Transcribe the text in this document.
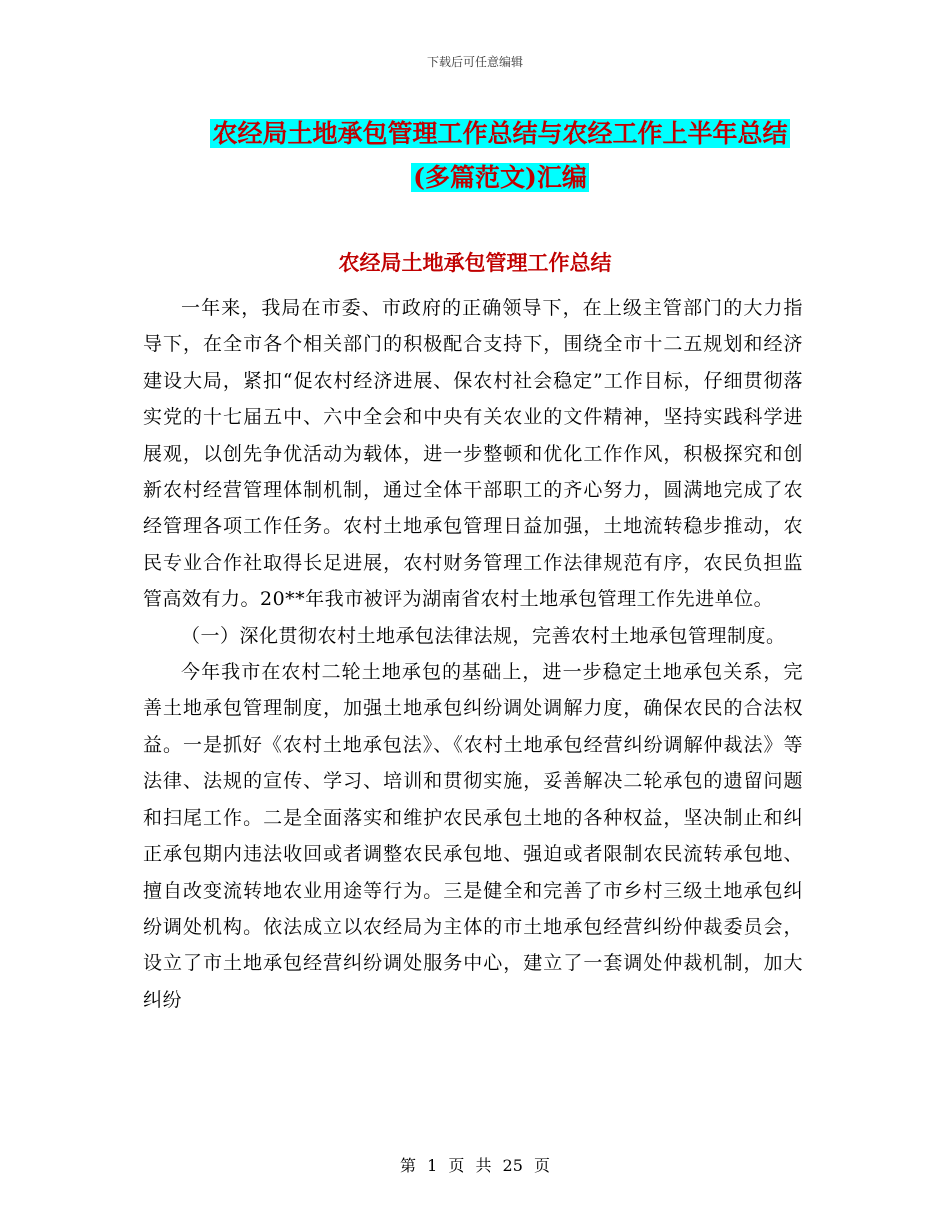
下载后可任意编辑
农经局土地承包管理工作总结与农经工作上半年总结
(多篇范文)汇编
农经局土地承包管理工作总结

一年来，我局在市委、市政府的正确领导下，在上级主管部门的大力指导下，在全市各个相关部门的积极配合支持下，围绕全市十二五规划和经济建设大局，紧扣“促农村经济进展、保农村社会稳定”工作目标，仔细贯彻落实党的十七届五中、六中全会和中央有关农业的文件精神，坚持实践科学进展观，以创先争优活动为载体，进一步整顿和优化工作作风，积极探究和创新农村经营管理体制机制，通过全体干部职工的齐心努力，圆满地完成了农经管理各项工作任务。农村土地承包管理日益加强，土地流转稳步推动，农民专业合作社取得长足进展，农村财务管理工作法律规范有序，农民负担监管高效有力。20**年我市被评为湖南省农村土地承包管理工作先进单位。

（一）深化贯彻农村土地承包法律法规，完善农村土地承包管理制度。

今年我市在农村二轮土地承包的基础上，进一步稳定土地承包关系，完善土地承包管理制度，加强土地承包纠纷调处调解力度，确保农民的合法权益。一是抓好《农村土地承包法》、《农村土地承包经营纠纷调解仲裁法》等法律、法规的宣传、学习、培训和贯彻实施，妥善解决二轮承包的遗留问题和扫尾工作。二是全面落实和维护农民承包土地的各种权益，坚决制止和纠正承包期内违法收回或者调整农民承包地、强迫或者限制农民流转承包地、擅自改变流转地农业用途等行为。三是健全和完善了市乡村三级土地承包纠纷调处机构。依法成立以农经局为主体的市土地承包经营纠纷仲裁委员会，设立了市土地承包经营纠纷调处服务中心，建立了一套调处仲裁机制，加大纠纷

第 1 页 共 25 页
